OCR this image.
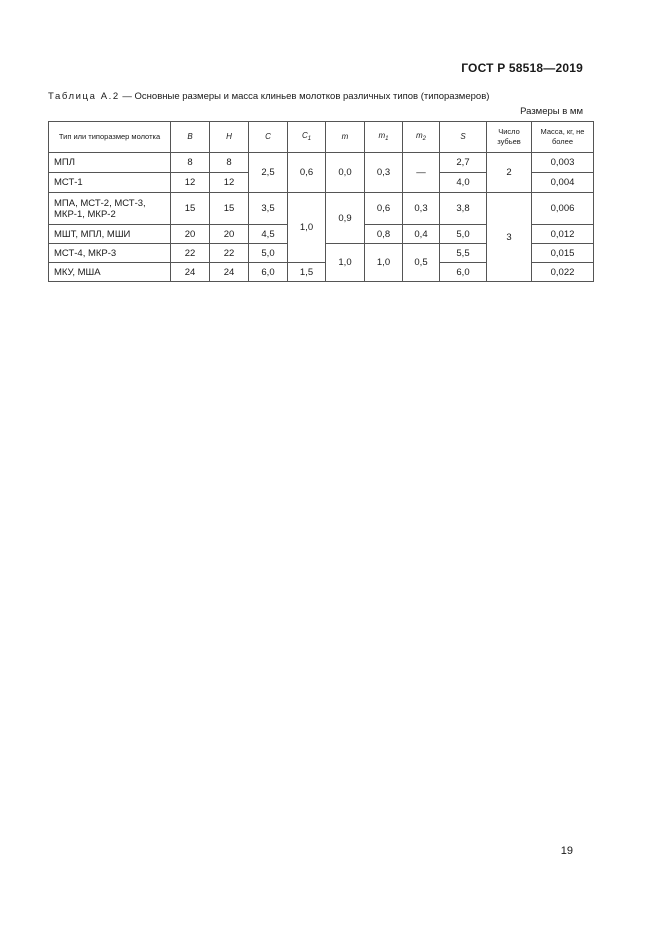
ГОСТ Р 58518—2019
Таблица А.2 — Основные размеры и масса клиньев молотков различных типов (типоразмеров)
Размеры в мм
Тип или типоразмер молотка	B	H	C	$C_1$	m	$m_1$	$m_2$	S	Число зубьев	Масса, кг, не более
МПЛ	8	8	2,5	0,6	0,0	0,3	—	2,7	2	0,003
МСТ-1	12	12						4,0		0,004
МПА, МСТ-2, МСТ-3, МКР-1, МКР-2	15	15	3,5	1,0	0,9	0,6	0,3	3,8	3	0,006
МШТ, МПЛ, МШИ	20	20	4,5			0,8	0,4	5,0		0,012
МСТ-4, МКР-3	22	22	5,0		1,0	1,0	0,5	5,5		0,015
МКУ, МША	24	24	6,0	1,5				6,0		0,022
19
